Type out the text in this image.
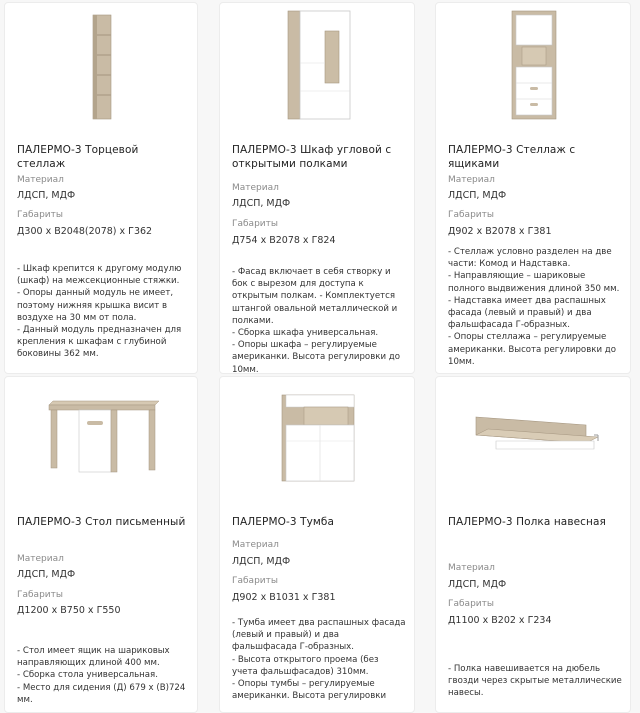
ПАЛЕРМО-3 Торцевой стеллаж
Материал
ЛДСП, МДФ
Габариты
Д300 х В2048(2078) х Г362

- Шкаф крепится к другому модулю (шкаф) на межсекционные стяжки.

- Опоры данный модуль не имеет, поэтому нижняя крышка висит в воздухе на 30 мм от пола.

- Данный модуль предназначен для крепления к шкафам с глубиной боковины 362 мм.

ПАЛЕРМО-3 Шкаф угловой с открытыми полками
Материал
ЛДСП, МДФ
Габариты
Д754 х В2078 х Г824

- Фасад включает в себя створку и бок с вырезом для доступа к открытым полкам. - Комплектуется штангой овальной металлической и полками.

- Сборка шкафа универсальная.

- Опоры шкафа – регулируемые американки. Высота регулировки до 10мм.

ПАЛЕРМО-3 Стеллаж с ящиками
Материал
ЛДСП, МДФ
Габариты
Д902 х В2078 х Г381

- Стеллаж условно разделен на две части: Комод и Надставка.

- Направляющие – шариковые полного выдвижения длиной 350 мм.

- Надставка имеет два распашных фасада (левый и правый) и два фальшфасада Г-образных.

- Опоры стеллажа – регулируемые американки. Высота регулировки до 10мм.

ПАЛЕРМО-3 Стол письменный
Материал
ЛДСП, МДФ
Габариты
Д1200 х В750 х Г550

- Стол имеет ящик на шариковых направляющих длиной 400 мм.

- Сборка стола универсальная.

- Место для сидения (Д) 679 х (В)724 мм.

ПАЛЕРМО-3 Тумба
Материал
ЛДСП, МДФ
Габариты
Д902 х В1031 х Г381

- Тумба имеет два распашных фасада (левый и правый) и два фальшфасада Г-образных.

- Высота открытого проема (без учета фальшфасадов) 310мм.

- Опоры тумбы – регулируемые американки. Высота регулировки

ПАЛЕРМО-3 Полка навесная
Материал
ЛДСП, МДФ
Габариты
Д1100 х В202 х Г234

- Полка навешивается на дюбель гвозди через скрытые металлические навесы.
